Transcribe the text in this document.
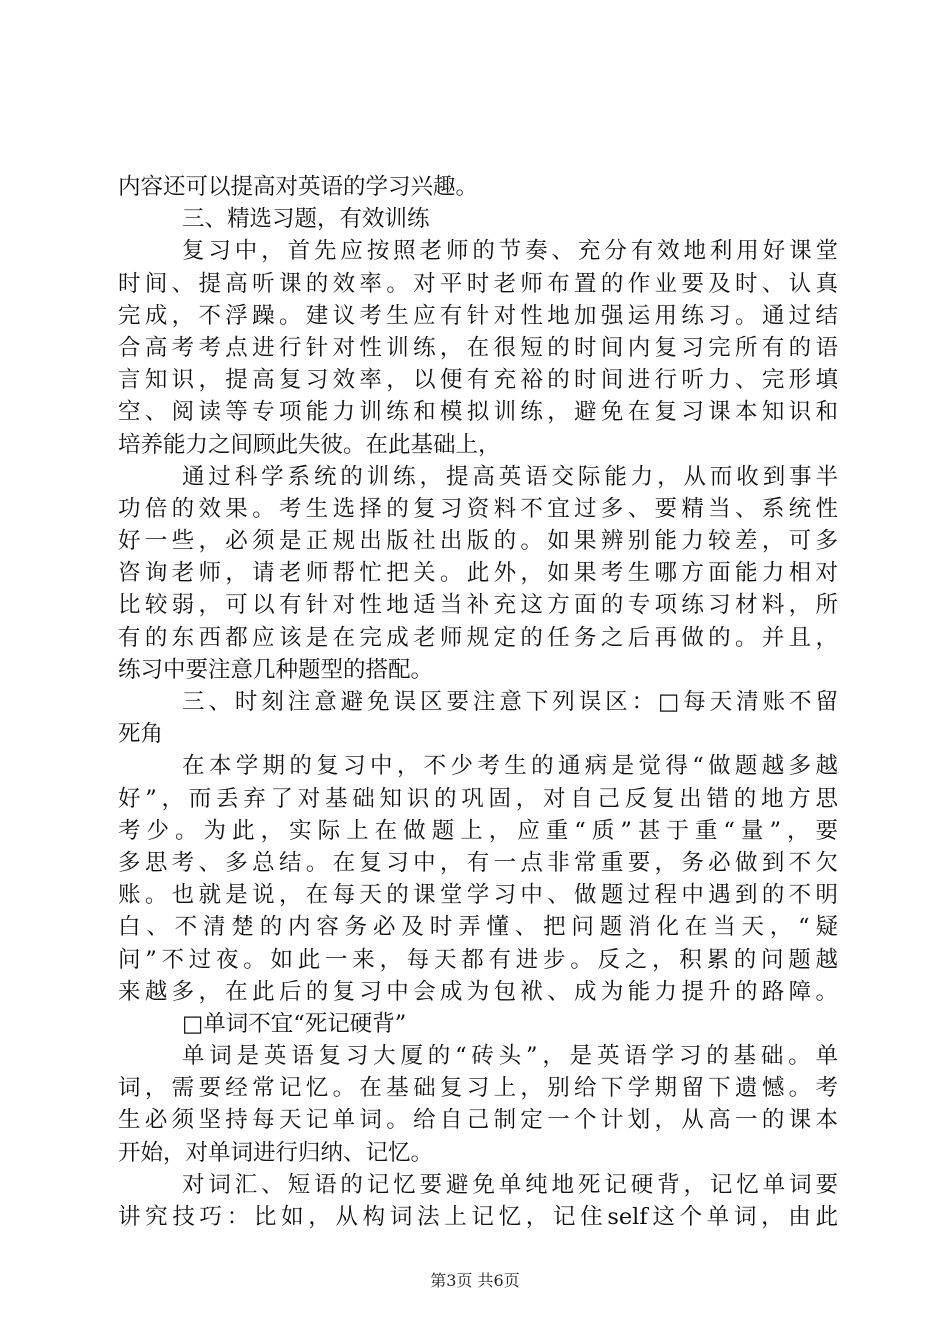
内容还可以提高对英语的学习兴趣。
三、精选习题，有效训练
复习中，首先应按照老师的节奏、充分有效地利用好课堂
时间、提高听课的效率。对平时老师布置的作业要及时、认真
完成，不浮躁。建议考生应有针对性地加强运用练习。通过结
合高考考点进行针对性训练，在很短的时间内复习完所有的语
言知识，提高复习效率，以便有充裕的时间进行听力、完形填
空、阅读等专项能力训练和模拟训练，避免在复习课本知识和
培养能力之间顾此失彼。在此基础上，
通过科学系统的训练，提高英语交际能力，从而收到事半
功倍的效果。考生选择的复习资料不宜过多、要精当、系统性
好一些，必须是正规出版社出版的。如果辨别能力较差，可多
咨询老师，请老师帮忙把关。此外，如果考生哪方面能力相对
比较弱，可以有针对性地适当补充这方面的专项练习材料，所
有的东西都应该是在完成老师规定的任务之后再做的。并且，
练习中要注意几种题型的搭配。
三、时刻注意避免误区要注意下列误区：□每天清账不留
死角
在本学期的复习中，不少考生的通病是觉得“做题越多越
好”，而丢弃了对基础知识的巩固，对自己反复出错的地方思
考少。为此，实际上在做题上，应重“质”甚于重“量”，要
多思考、多总结。在复习中，有一点非常重要，务必做到不欠
账。也就是说，在每天的课堂学习中、做题过程中遇到的不明
白、不清楚的内容务必及时弄懂、把问题消化在当天，“疑
问”不过夜。如此一来，每天都有进步。反之，积累的问题越
来越多，在此后的复习中会成为包袱、成为能力提升的路障。
□单词不宜“死记硬背”
单词是英语复习大厦的“砖头”，是英语学习的基础。单
词，需要经常记忆。在基础复习上，别给下学期留下遗憾。考
生必须坚持每天记单词。给自己制定一个计划，从高一的课本
开始，对单词进行归纳、记忆。
对词汇、短语的记忆要避免单纯地死记硬背，记忆单词要
讲究技巧：比如，从构词法上记忆，记住self这个单词，由此
第3页 共6页
